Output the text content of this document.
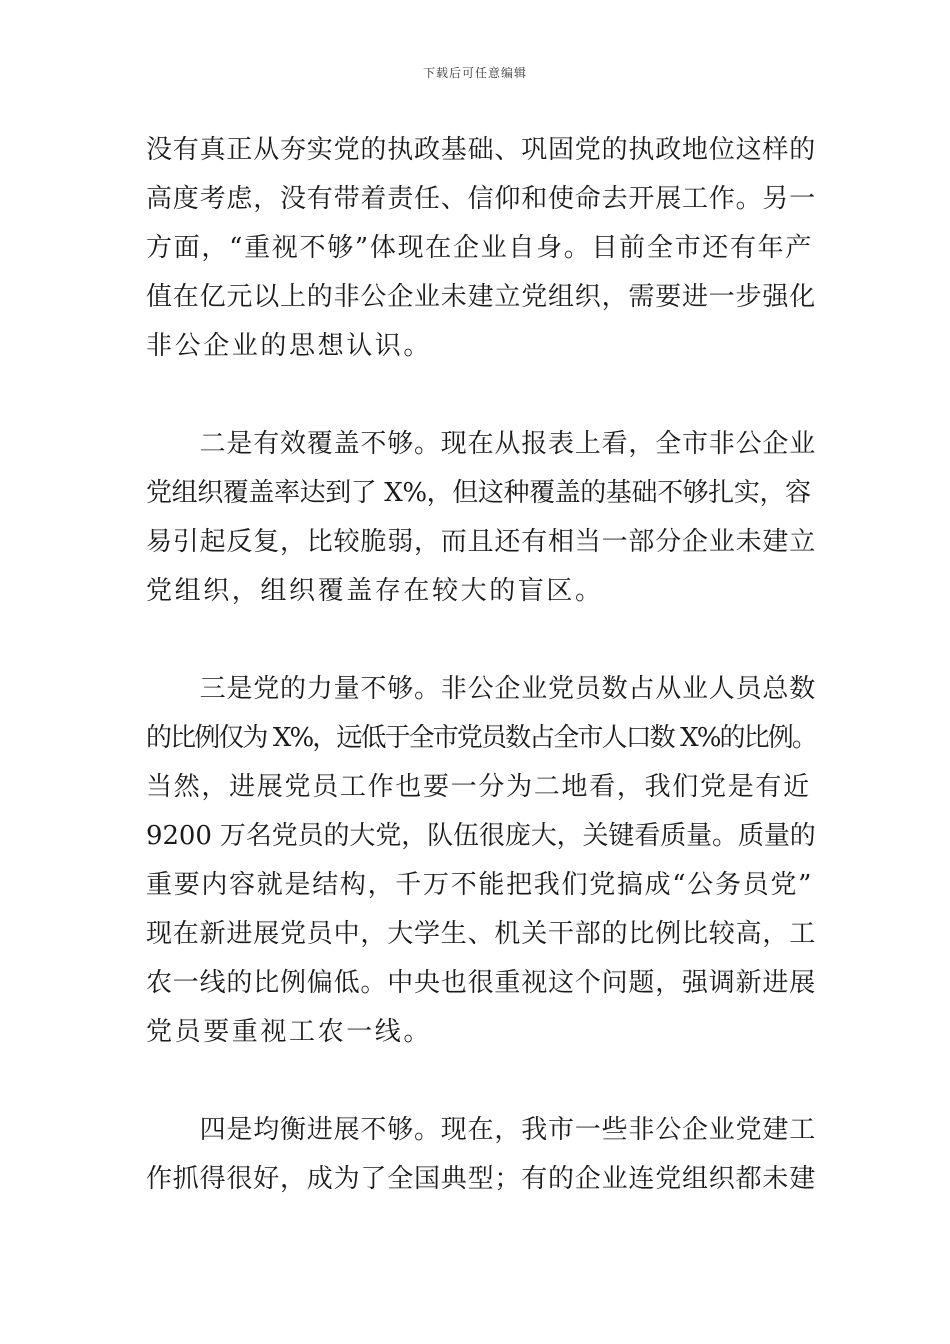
下载后可任意编辑
没有真正从夯实党的执政基础、巩固党的执政地位这样的
高度考虑，没有带着责任、信仰和使命去开展工作。另一
方面，“重视不够”体现在企业自身。目前全市还有年产
值在亿元以上的非公企业未建立党组织，需要进一步强化
非公企业的思想认识。
　　二是有效覆盖不够。现在从报表上看，全市非公企业
党组织覆盖率达到了 X%，但这种覆盖的基础不够扎实，容
易引起反复，比较脆弱，而且还有相当一部分企业未建立
党组织，组织覆盖存在较大的盲区。
　　三是党的力量不够。非公企业党员数占从业人员总数
的比例仅为 X%，远低于全市党员数占全市人口数 X%的比例。
当然，进展党员工作也要一分为二地看，我们党是有近
9200 万名党员的大党，队伍很庞大，关键看质量。质量的
重要内容就是结构，千万不能把我们党搞成“公务员党”
现在新进展党员中，大学生、机关干部的比例比较高，工
农一线的比例偏低。中央也很重视这个问题，强调新进展
党员要重视工农一线。
　　四是均衡进展不够。现在，我市一些非公企业党建工
作抓得很好，成为了全国典型；有的企业连党组织都未建
